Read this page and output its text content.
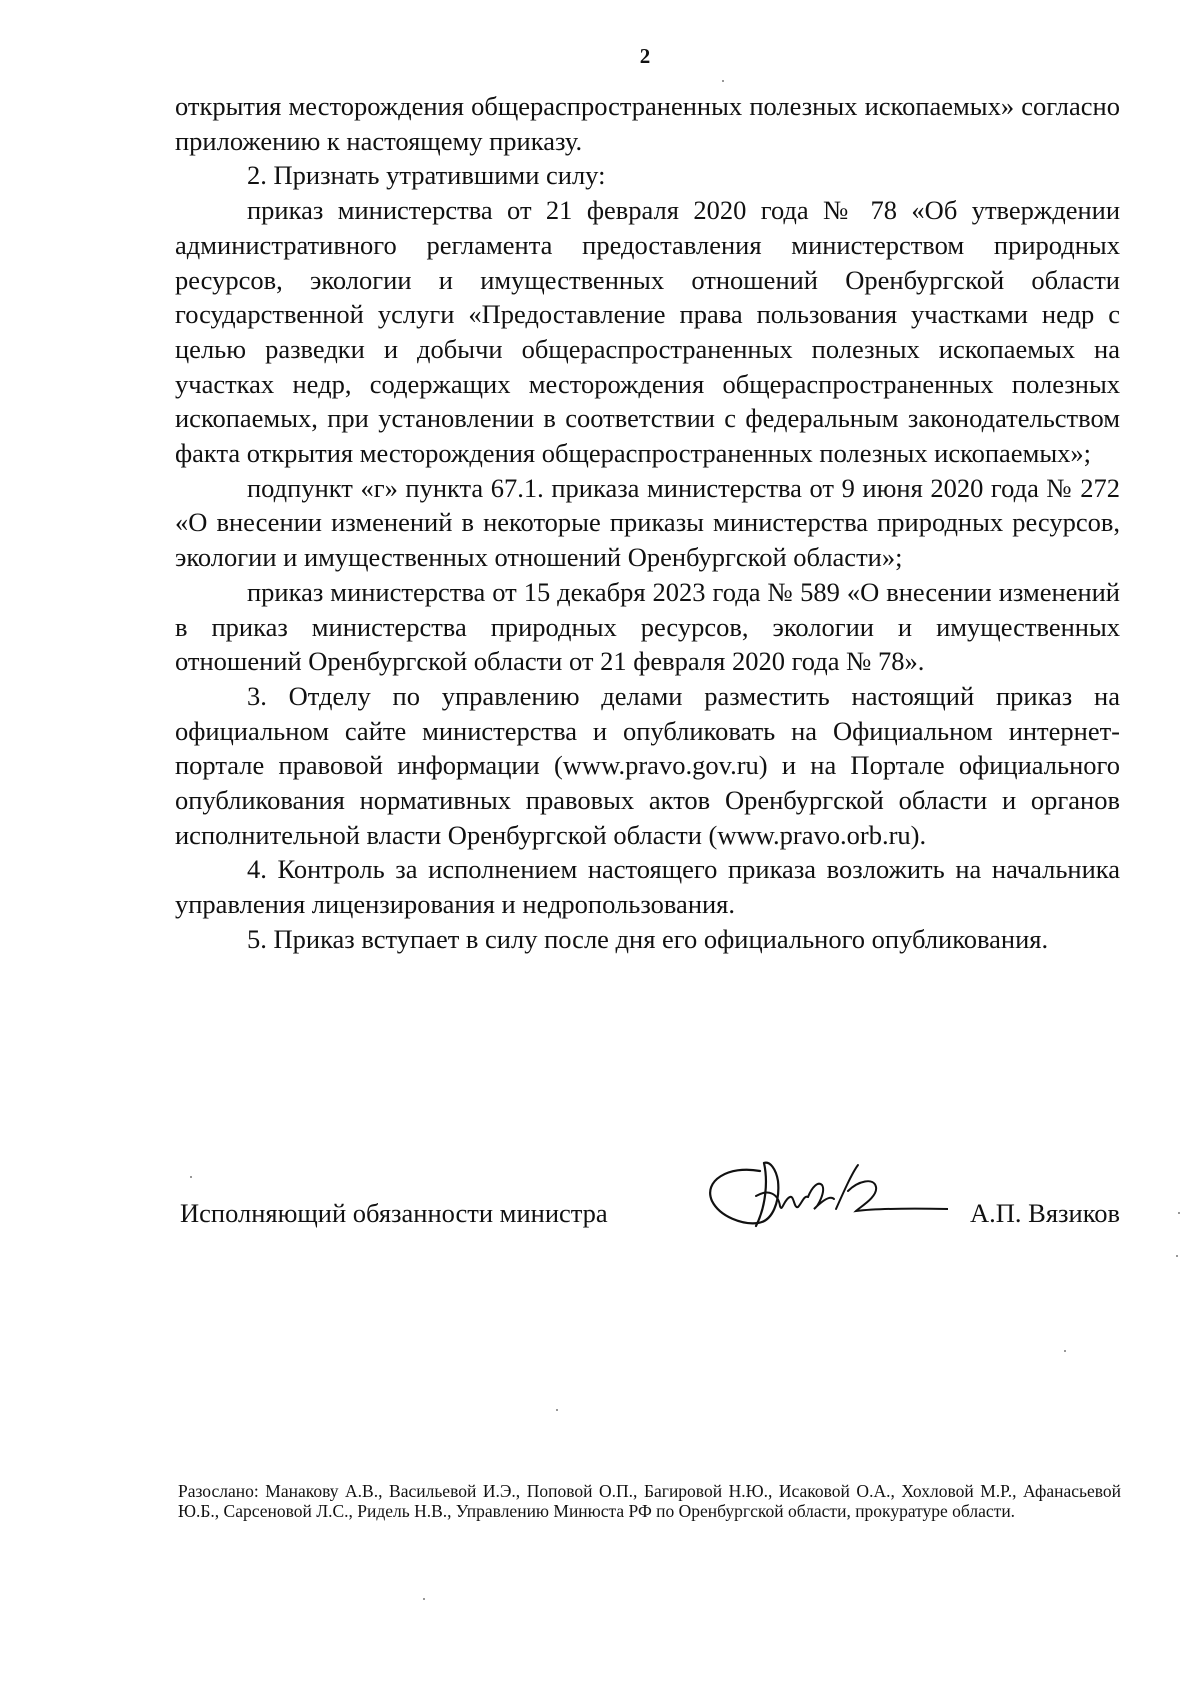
2

открытия месторождения общераспространенных полезных ископаемых» согласно приложению к настоящему приказу.

2. Признать утратившими силу:

приказ министерства от 21 февраля 2020 года № 78 «Об утверждении административного регламента предоставления министерством природных ресурсов, экологии и имущественных отношений Оренбургской области государственной услуги «Предоставление права пользования участками недр с целью разведки и добычи общераспространенных полезных ископаемых на участках недр, содержащих месторождения общераспространенных полезных ископаемых, при установлении в соответствии с федеральным законодательством факта открытия месторождения общераспространенных полезных ископаемых»;

подпункт «г» пункта 67.1. приказа министерства от 9 июня 2020 года № 272 «О внесении изменений в некоторые приказы министерства природных ресурсов, экологии и имущественных отношений Оренбургской области»;

приказ министерства от 15 декабря 2023 года № 589 «О внесении изменений в приказ министерства природных ресурсов, экологии и имущественных отношений Оренбургской области от 21 февраля 2020 года № 78».

3. Отделу по управлению делами разместить настоящий приказ на официальном сайте министерства и опубликовать на Официальном интернет-портале правовой информации (www.pravo.gov.ru) и на Портале официального опубликования нормативных правовых актов Оренбургской области и органов исполнительной власти Оренбургской области (www.pravo.orb.ru).

4. Контроль за исполнением настоящего приказа возложить на начальника управления лицензирования и недропользования.

5. Приказ вступает в силу после дня его официального опубликования.

Исполняющий обязанности министра	А.П. Вязиков
Разослано: Манакову А.В., Васильевой И.Э., Поповой О.П., Багировой Н.Ю., Исаковой О.А., Хохловой М.Р., Афанасьевой Ю.Б., Сарсеновой Л.С., Ридель Н.В., Управлению Минюста РФ по Оренбургской области, прокуратуре области.
